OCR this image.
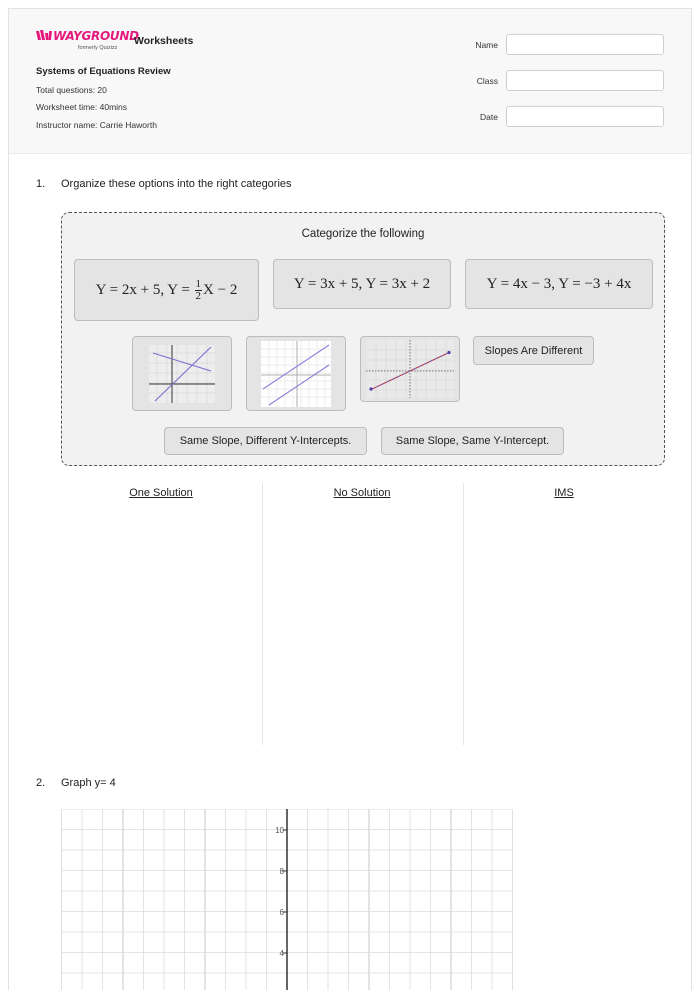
WAYGROUND
formerly Quizizz
Worksheets
Systems of Equations Review
Total questions: 20
Worksheet time: 40mins
Instructor name: Carrie Haworth
Name
Class
Date
1. Organize these options into the right categories
Categorize the following
Y = 2x + 5, $Y = \frac{1}{2}$ X − 2	Y = 3x + 5, Y = 3x + 2	Y = 4x − 3, Y = −3 + 4x
Slopes Are Different
Same Slope, Different Y-Intercepts.	Same Slope, Same Y-Intercept.
One Solution	No Solution	IMS
2. Graph y= 4
10
8
6
4
